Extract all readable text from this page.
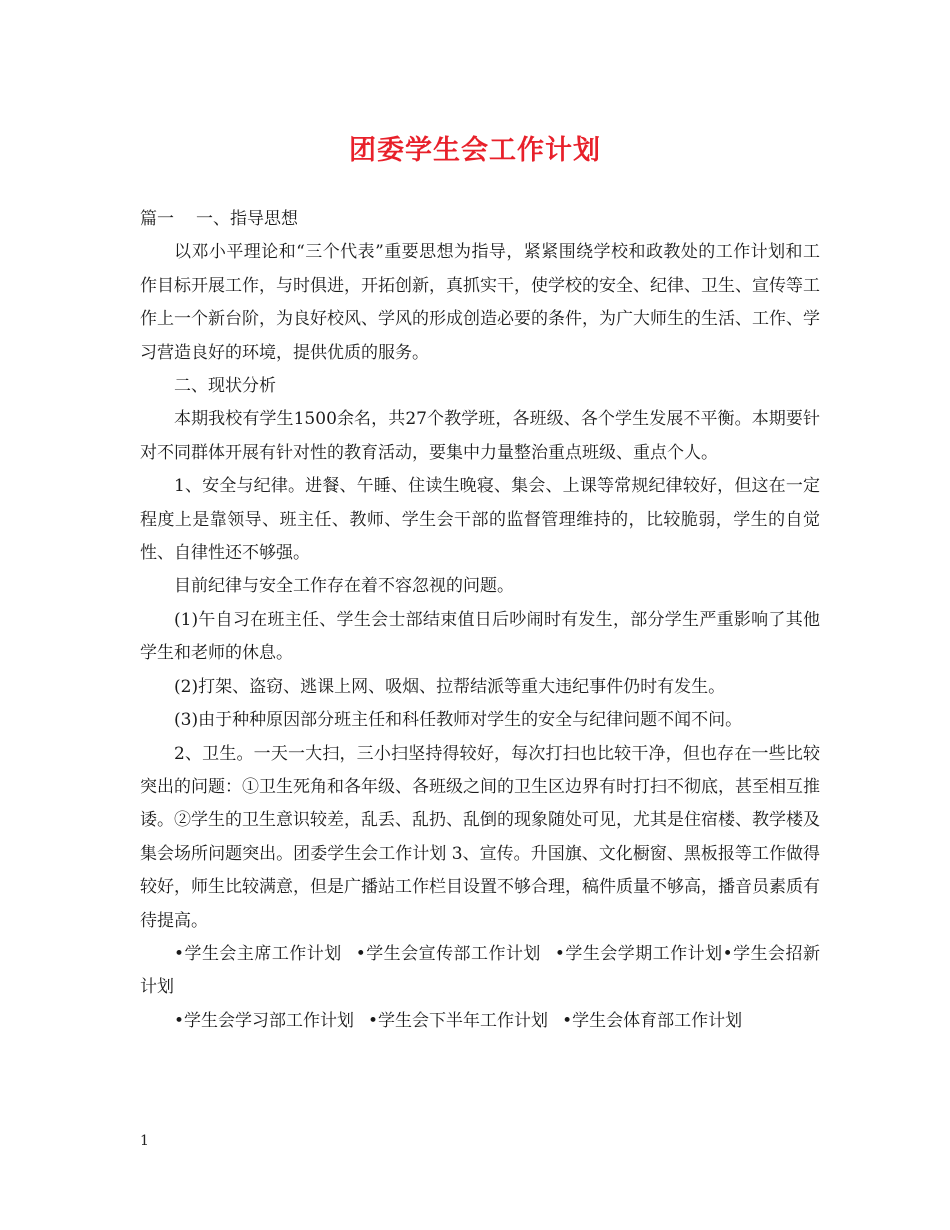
团委学生会工作计划

篇一 一、指导思想

以邓小平理论和“三个代表”重要思想为指导，紧紧围绕学校和政教处的工作计划和工作目标开展工作，与时俱进，开拓创新，真抓实干，使学校的安全、纪律、卫生、宣传等工作上一个新台阶，为良好校风、学风的形成创造必要的条件，为广大师生的生活、工作、学习营造良好的环境，提供优质的服务。

二、现状分析

本期我校有学生1500余名，共27个教学班，各班级、各个学生发展不平衡。本期要针对不同群体开展有针对性的教育活动，要集中力量整治重点班级、重点个人。

1、安全与纪律。进餐、午睡、住读生晚寝、集会、上课等常规纪律较好，但这在一定程度上是靠领导、班主任、教师、学生会干部的监督管理维持的，比较脆弱，学生的自觉性、自律性还不够强。

目前纪律与安全工作存在着不容忽视的问题。

(1)午自习在班主任、学生会士部结束值日后吵闹时有发生，部分学生严重影响了其他学生和老师的休息。

(2)打架、盗窃、逃课上网、吸烟、拉帮结派等重大违纪事件仍时有发生。

(3)由于种种原因部分班主任和科任教师对学生的安全与纪律问题不闻不问。

2、卫生。一天一大扫，三小扫坚持得较好，每次打扫也比较干净，但也存在一些比较突出的问题：①卫生死角和各年级、各班级之间的卫生区边界有时打扫不彻底，甚至相互推诿。②学生的卫生意识较差，乱丢、乱扔、乱倒的现象随处可见，尤其是住宿楼、教学楼及集会场所问题突出。团委学生会工作计划 3、宣传。升国旗、文化橱窗、黑板报等工作做得较好，师生比较满意，但是广播站工作栏目设置不够合理，稿件质量不够高，播音员素质有待提高。

•学生会主席工作计划 •学生会宣传部工作计划 •学生会学期工作计划•学生会招新计划

•学生会学习部工作计划 •学生会下半年工作计划 •学生会体育部工作计划

1
